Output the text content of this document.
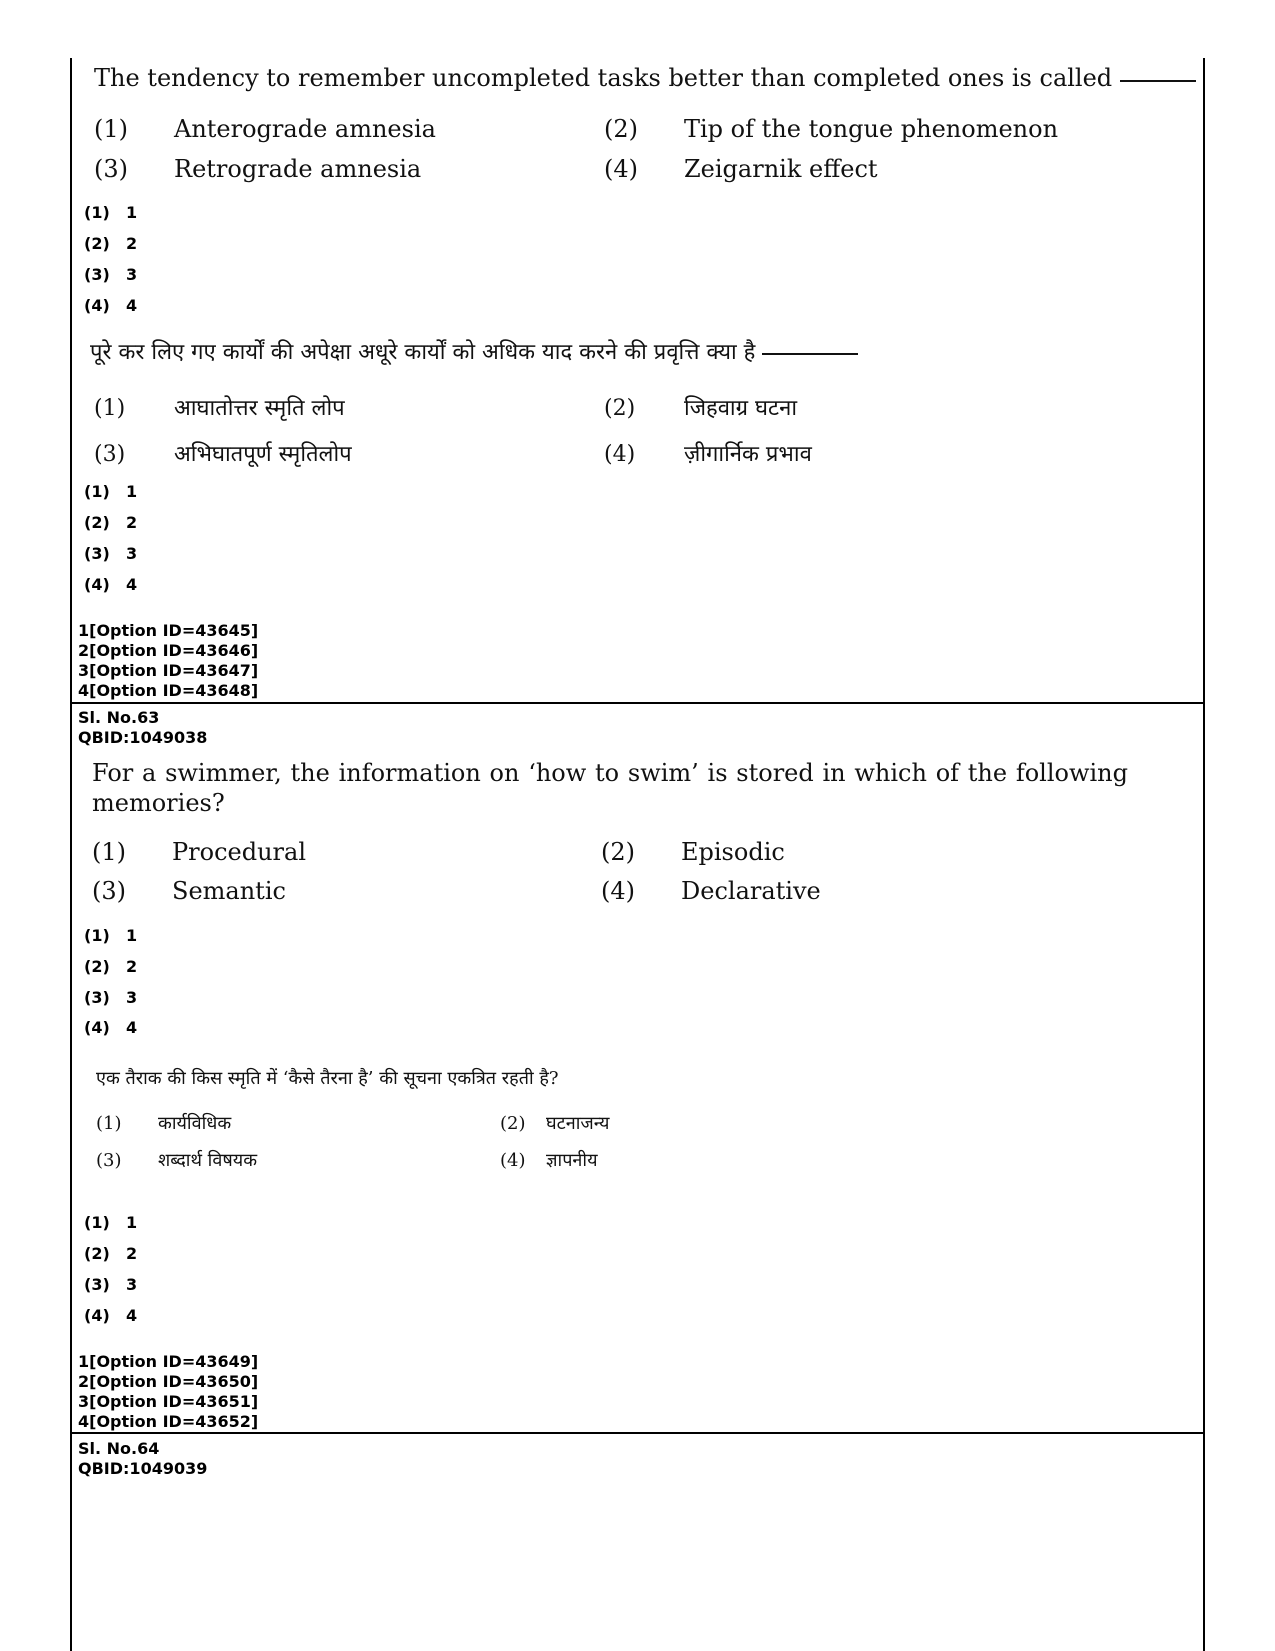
The tendency to remember uncompleted tasks better than completed ones is called
(1) Anterograde amnesia	(2) Tip of the tongue phenomenon
(3) Retrograde amnesia	(4) Zeigarnik effect
(1) 1
(2) 2
(3) 3
(4) 4
पूरे कर लिए गए कार्यों की अपेक्षा अधूरे कार्यों को अधिक याद करने की प्रवृत्ति क्या है
(1) आघातोत्तर स्मृति लोप	(2) जिहवाग्र घटना
(3) अभिघातपूर्ण स्मृतिलोप	(4) ज़ीगार्निक प्रभाव
(1) 1
(2) 2
(3) 3
(4) 4
1[Option ID=43645]
2[Option ID=43646]
3[Option ID=43647]
4[Option ID=43648]
Sl. No.63
QBID:1049038
For a swimmer, the information on ‘how to swim’ is stored in which of the following memories?
(1) Procedural	(2) Episodic
(3) Semantic	(4) Declarative
(1) 1
(2) 2
(3) 3
(4) 4
एक तैराक की किस स्मृति में ‘कैसे तैरना है’ की सूचना एकत्रित रहती है?
(1) कार्यविधिक	(2) घटनाजन्य
(3) शब्दार्थ विषयक	(4) ज्ञापनीय
(1) 1
(2) 2
(3) 3
(4) 4
1[Option ID=43649]
2[Option ID=43650]
3[Option ID=43651]
4[Option ID=43652]
Sl. No.64
QBID:1049039
